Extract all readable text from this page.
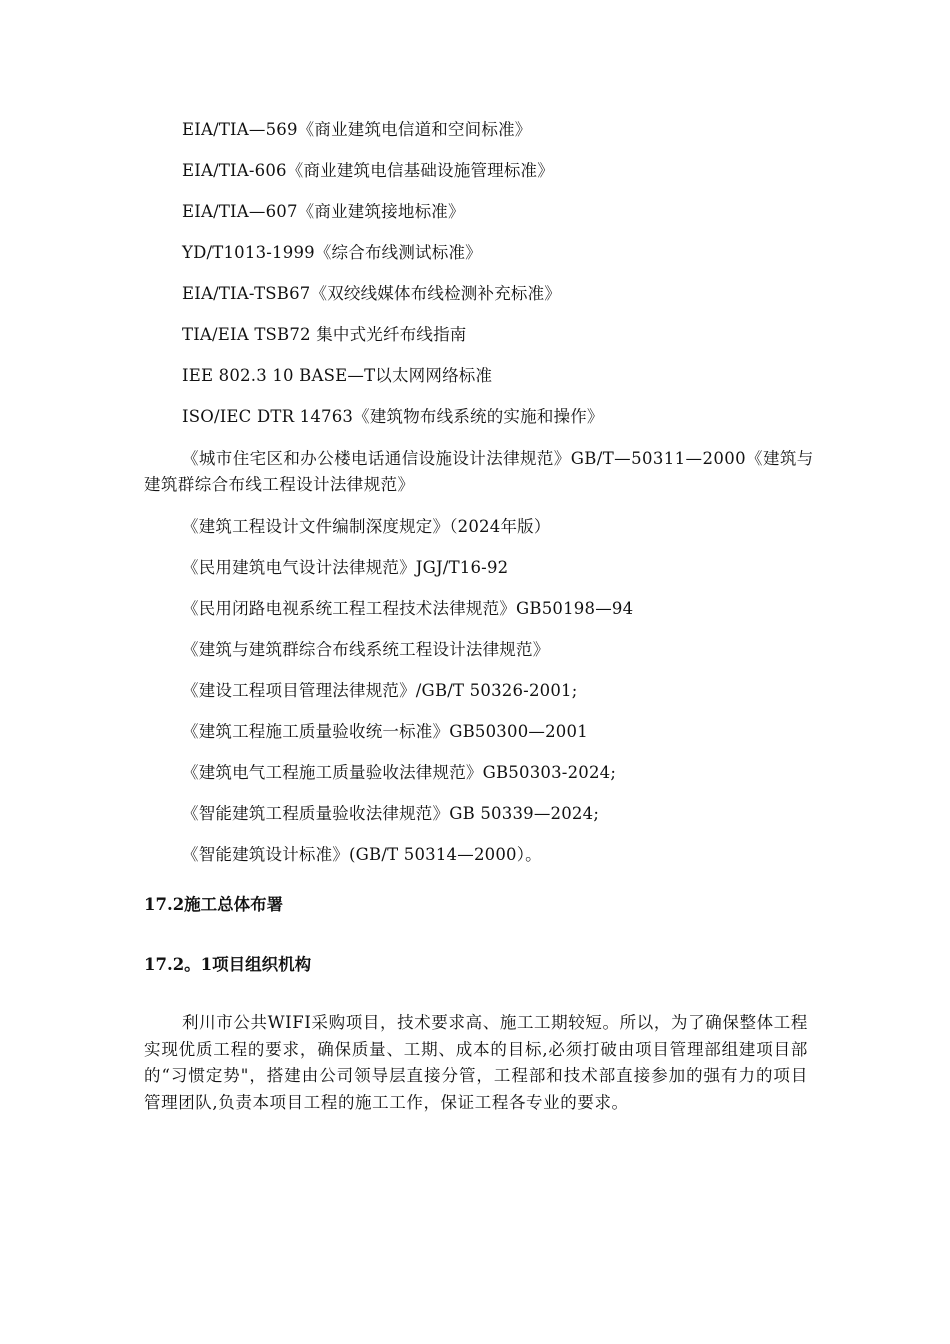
EIA/TIA—569《商业建筑电信道和空间标准》
EIA/TIA-606《商业建筑电信基础设施管理标准》
EIA/TIA—607《商业建筑接地标准》
YD/T1013-1999《综合布线测试标准》
EIA/TIA-TSB67《双绞线媒体布线检测补充标准》
TIA/EIA TSB72 集中式光纤布线指南
IEE 802.3 10 BASE—T以太网网络标准
ISO/IEC DTR 14763《建筑物布线系统的实施和操作》
《城市住宅区和办公楼电话通信设施设计法律规范》GB/T—50311—2000《建筑与建筑群综合布线工程设计法律规范》
《建筑工程设计文件编制深度规定》（2024年版）
《民用建筑电气设计法律规范》JGJ/T16-92
《民用闭路电视系统工程工程技术法律规范》GB50198—94
《建筑与建筑群综合布线系统工程设计法律规范》
《建设工程项目管理法律规范》/GB/T 50326-2001;
《建筑工程施工质量验收统一标准》GB50300—2001
《建筑电气工程施工质量验收法律规范》GB50303-2024;
《智能建筑工程质量验收法律规范》GB 50339—2024;
《智能建筑设计标准》(GB/T 50314—2000）。
17.2施工总体布署
17.2。1项目组织机构

利川市公共WIFI采购项目，技术要求高、施工工期较短。所以，为了确保整体工程实现优质工程的要求，确保质量、工期、成本的目标,必须打破由项目管理部组建项目部的“习惯定势"，搭建由公司领导层直接分管，工程部和技术部直接参加的强有力的项目管理团队,负责本项目工程的施工工作，保证工程各专业的要求。
